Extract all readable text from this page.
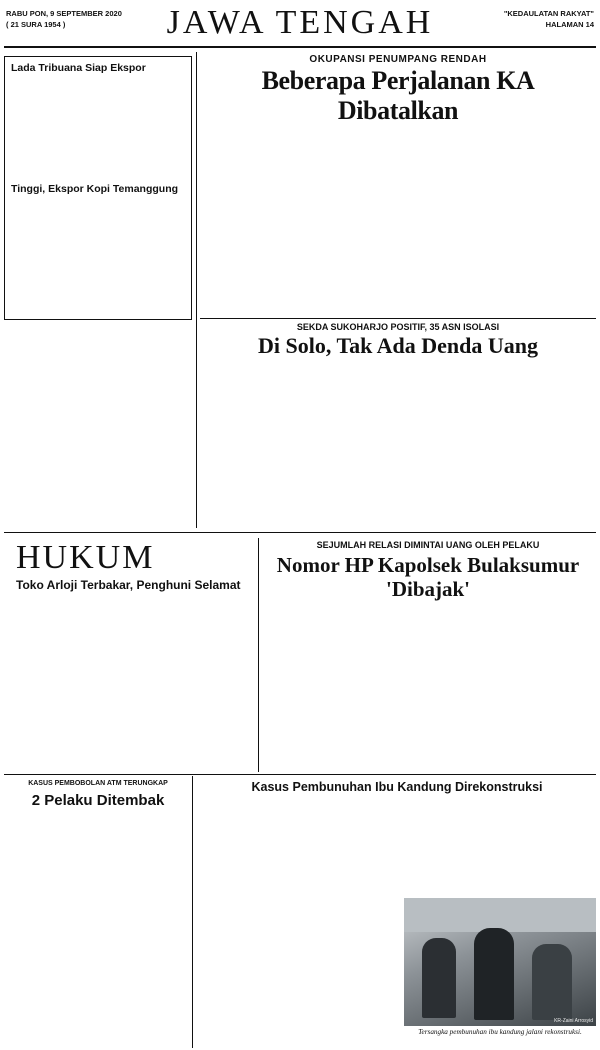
RABU PON, 9 SEPTEMBER 2020
( 21 SURA 1954 )	JAWA TENGAH	"KEDAULATAN RAKYAT"
HALAMAN 14
Lada Tribuana Siap Ekspor
Tinggi, Ekspor Kopi Temanggung
OKUPANSI PENUMPANG RENDAH
Beberapa Perjalanan KA Dibatalkan
SEKDA SUKOHARJO POSITIF, 35 ASN ISOLASI
Di Solo, Tak Ada Denda Uang
HUKUM	SEJUMLAH RELASI DIMINTAI UANG OLEH PELAKU
Nomor HP Kapolsek Bulaksumur 'Dibajak'
Toko Arloji Terbakar, Penghuni Selamat
KASUS PEMBOBOLAN ATM TERUNGKAP
2 Pelaku Ditembak
Kasus Pembunuhan Ibu Kandung Direkonstruksi
KR-Zaini Arrosyid
Tersangka pembunuhan ibu kandung jalani rekonstruksi.
